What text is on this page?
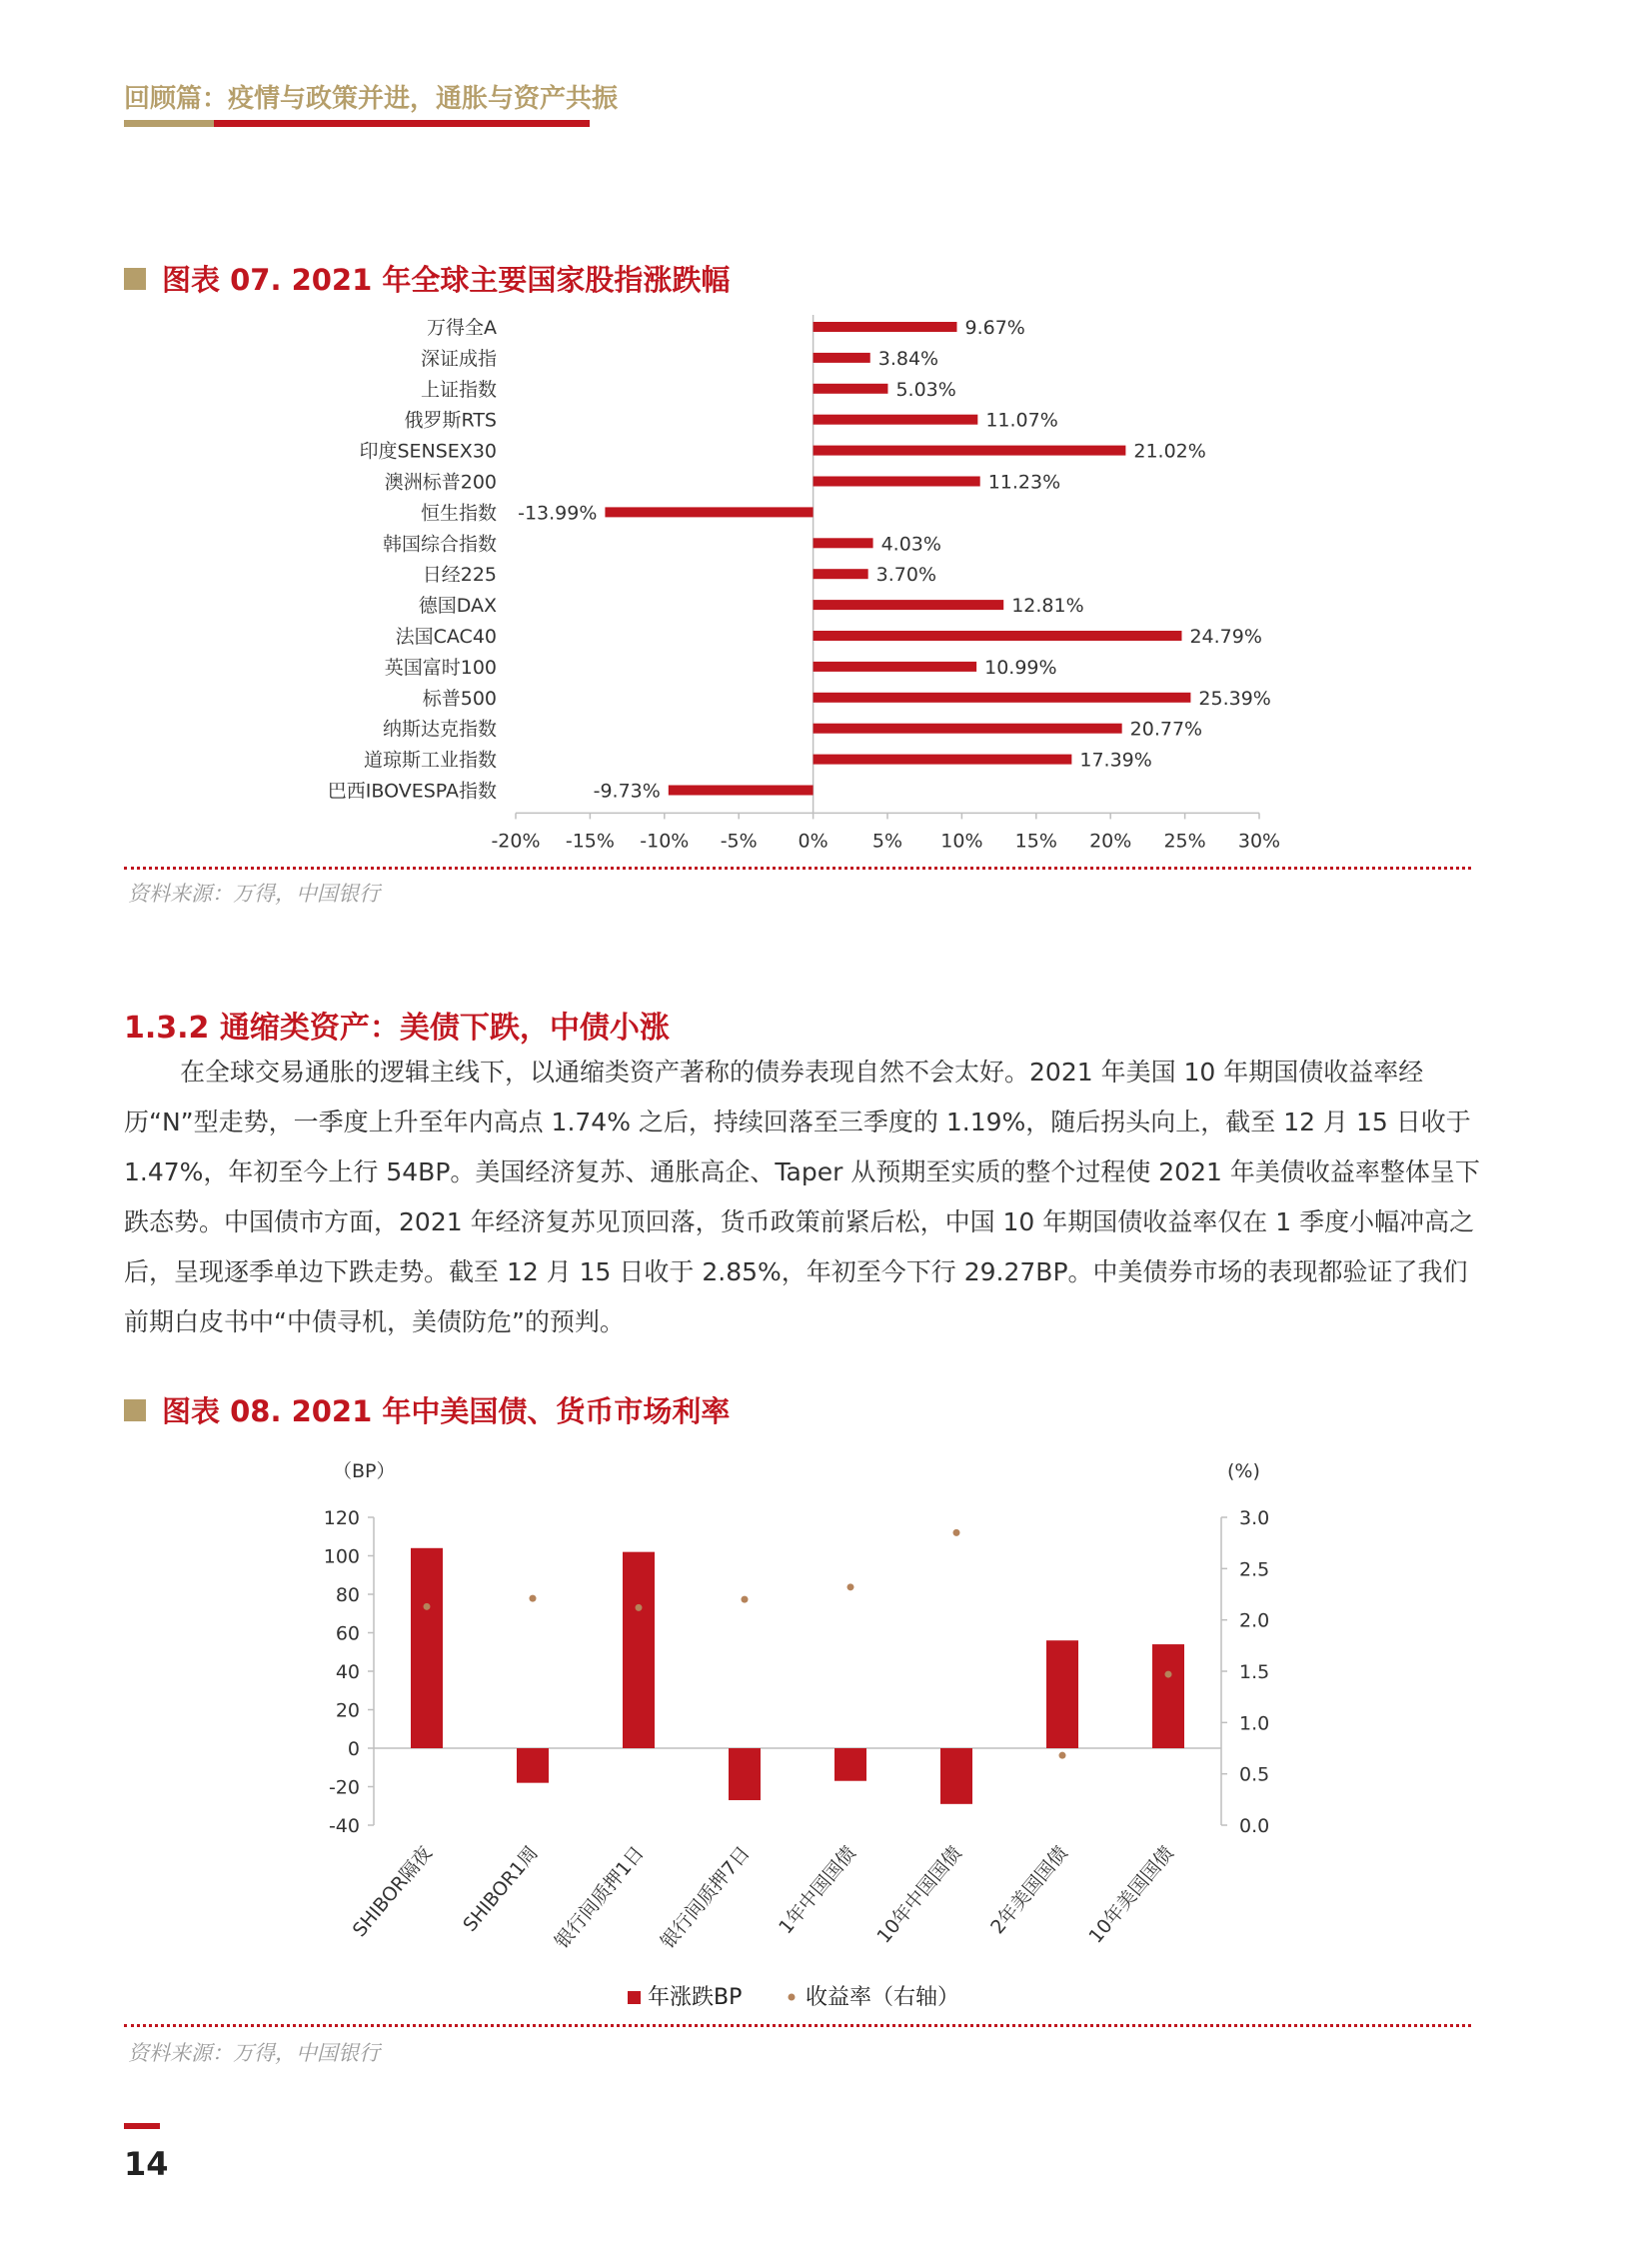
回顾篇：疫情与政策并进，通胀与资产共振
图表 07. 2021 年全球主要国家股指涨跌幅
-20% -15% -10% -5% 0% 5% 10% 15% 20% 25% 30%
万得全A	9.67%
深证成指	3.84%
上证指数	5.03%
俄罗斯RTS	11.07%
印度SENSEX30	21.02%
澳洲标普200	11.23%
恒生指数 -13.99%
韩国综合指数	4.03%
日经225	3.70%
德国DAX	12.81%
法国CAC40	24.79%
英国富时100	10.99%
标普500	25.39%
纳斯达克指数	20.77%
道琼斯工业指数	17.39%
巴西IBOVESPA指数	-9.73%
资料来源：万得，中国银行
1.3.2 通缩类资产：美债下跌，中债小涨

在全球交易通胀的逻辑主线下，以通缩类资产著称的债券表现自然不会太好。2021 年美国 10 年期国债收益率经历“N”型走势，一季度上升至年内高点 1.74% 之后，持续回落至三季度的 1.19%，随后拐头向上，截至 12 月 15 日收于 1.47%，年初至今上行 54BP。美国经济复苏、通胀高企、Taper 从预期至实质的整个过程使 2021 年美债收益率整体呈下跌态势。中国债市方面，2021 年经济复苏见顶回落，货币政策前紧后松，中国 10 年期国债收益率仅在 1 季度小幅冲高之后，呈现逐季单边下跌走势。截至 12 月 15 日收于 2.85%，年初至今下行 29.27BP。中美债券市场的表现都验证了我们前期白皮书中“中债寻机，美债防危”的预判。

图表 08. 2021 年中美国债、货币市场利率
（BP）	(%)
-40
-20
0
20
40
60
80
100
120
0.0
0.5
1.0
1.5
2.0
2.5
3.0
SHIBOR隔夜 SHIBOR1周 银行间质押1日 银行间质押7日 1年中国国债 10年中国国债 2年美国国债 10年美国国债
年涨跌BP	收益率（右轴）
资料来源：万得，中国银行
14
